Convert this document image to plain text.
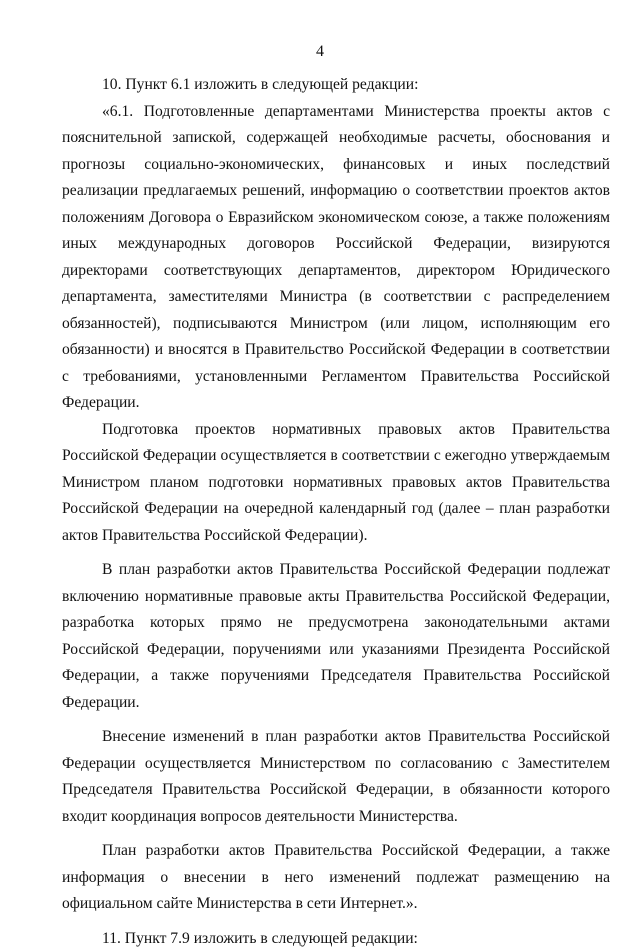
4

10. Пункт 6.1 изложить в следующей редакции:

«6.1. Подготовленные департаментами Министерства проекты актов с пояснительной запиской, содержащей необходимые расчеты, обоснования и прогнозы социально-экономических, финансовых и иных последствий реализации предлагаемых решений, информацию о соответствии проектов актов положениям Договора о Евразийском экономическом союзе, а также положениям иных международных договоров Российской Федерации, визируются директорами соответствующих департаментов, директором Юридического департамента, заместителями Министра (в соответствии с распределением обязанностей), подписываются Министром (или лицом, исполняющим его обязанности) и вносятся в Правительство Российской Федерации в соответствии с требованиями, установленными Регламентом Правительства Российской Федерации.

Подготовка проектов нормативных правовых актов Правительства Российской Федерации осуществляется в соответствии с ежегодно утверждаемым Министром планом подготовки нормативных правовых актов Правительства Российской Федерации на очередной календарный год (далее – план разработки актов Правительства Российской Федерации).

В план разработки актов Правительства Российской Федерации подлежат включению нормативные правовые акты Правительства Российской Федерации, разработка которых прямо не предусмотрена законодательными актами Российской Федерации, поручениями или указаниями Президента Российской Федерации, а также поручениями Председателя Правительства Российской Федерации.

Внесение изменений в план разработки актов Правительства Российской Федерации осуществляется Министерством по согласованию с Заместителем Председателя Правительства Российской Федерации, в обязанности которого входит координация вопросов деятельности Министерства.

План разработки актов Правительства Российской Федерации, а также информация о внесении в него изменений подлежат размещению на официальном сайте Министерства в сети Интернет.».

11. Пункт 7.9 изложить в следующей редакции:
